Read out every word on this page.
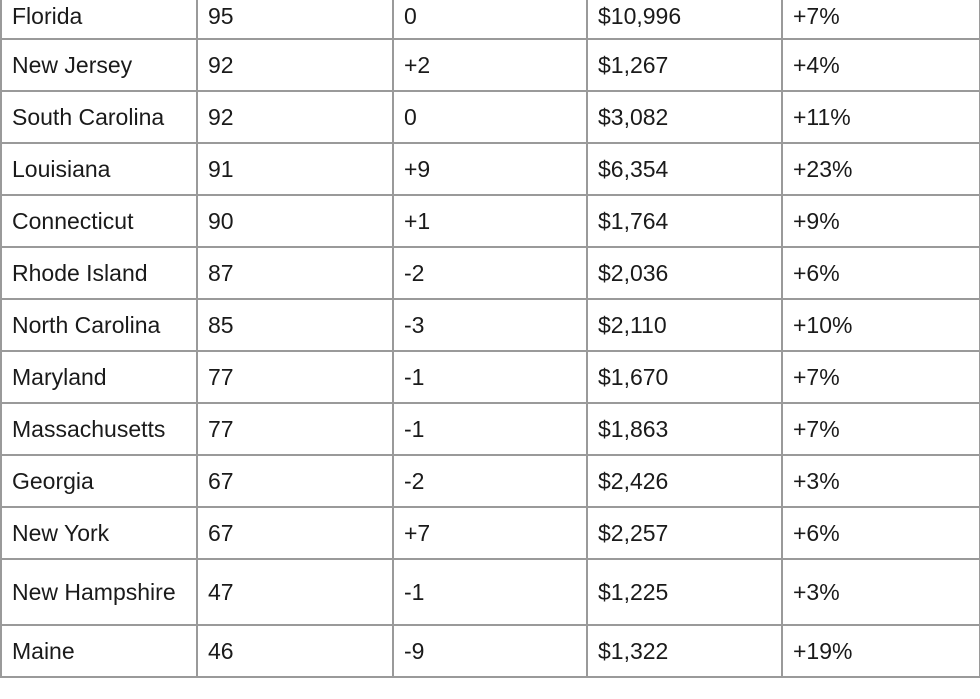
Florida	95	0	$10,996	+7%
New Jersey	92	+2	$1,267	+4%
South Carolina	92	0	$3,082	+11%
Louisiana	91	+9	$6,354	+23%
Connecticut	90	+1	$1,764	+9%
Rhode Island	87	-2	$2,036	+6%
North Carolina	85	-3	$2,110	+10%
Maryland	77	-1	$1,670	+7%
Massachusetts	77	-1	$1,863	+7%
Georgia	67	-2	$2,426	+3%
New York	67	+7	$2,257	+6%
New Hampshire	47	-1	$1,225	+3%
Maine	46	-9	$1,322	+19%
